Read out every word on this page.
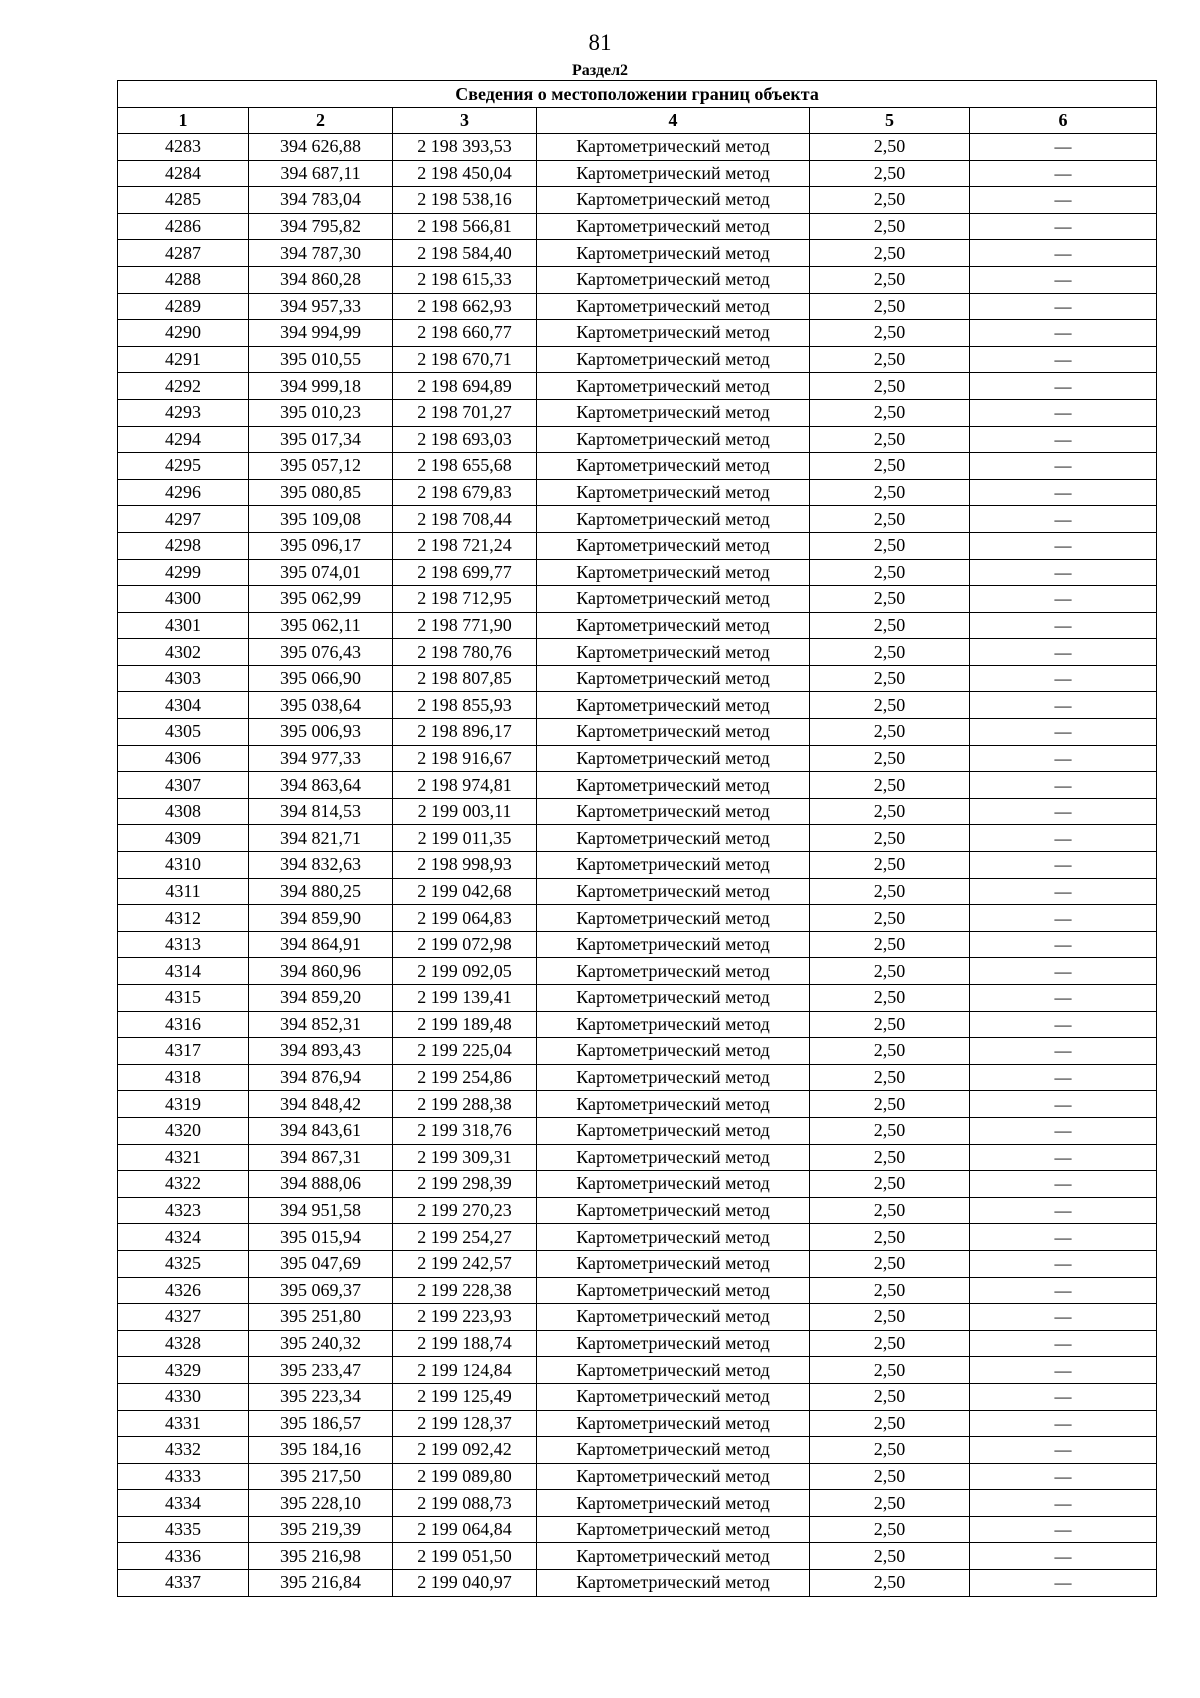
81
Раздел2
Сведения о местоположении границ объекта					
1	2	3	4	5	6
4283	394 626,88	2 198 393,53	Картометрический метод	2,50	—
4284	394 687,11	2 198 450,04	Картометрический метод	2,50	—
4285	394 783,04	2 198 538,16	Картометрический метод	2,50	—
4286	394 795,82	2 198 566,81	Картометрический метод	2,50	—
4287	394 787,30	2 198 584,40	Картометрический метод	2,50	—
4288	394 860,28	2 198 615,33	Картометрический метод	2,50	—
4289	394 957,33	2 198 662,93	Картометрический метод	2,50	—
4290	394 994,99	2 198 660,77	Картометрический метод	2,50	—
4291	395 010,55	2 198 670,71	Картометрический метод	2,50	—
4292	394 999,18	2 198 694,89	Картометрический метод	2,50	—
4293	395 010,23	2 198 701,27	Картометрический метод	2,50	—
4294	395 017,34	2 198 693,03	Картометрический метод	2,50	—
4295	395 057,12	2 198 655,68	Картометрический метод	2,50	—
4296	395 080,85	2 198 679,83	Картометрический метод	2,50	—
4297	395 109,08	2 198 708,44	Картометрический метод	2,50	—
4298	395 096,17	2 198 721,24	Картометрический метод	2,50	—
4299	395 074,01	2 198 699,77	Картометрический метод	2,50	—
4300	395 062,99	2 198 712,95	Картометрический метод	2,50	—
4301	395 062,11	2 198 771,90	Картометрический метод	2,50	—
4302	395 076,43	2 198 780,76	Картометрический метод	2,50	—
4303	395 066,90	2 198 807,85	Картометрический метод	2,50	—
4304	395 038,64	2 198 855,93	Картометрический метод	2,50	—
4305	395 006,93	2 198 896,17	Картометрический метод	2,50	—
4306	394 977,33	2 198 916,67	Картометрический метод	2,50	—
4307	394 863,64	2 198 974,81	Картометрический метод	2,50	—
4308	394 814,53	2 199 003,11	Картометрический метод	2,50	—
4309	394 821,71	2 199 011,35	Картометрический метод	2,50	—
4310	394 832,63	2 198 998,93	Картометрический метод	2,50	—
4311	394 880,25	2 199 042,68	Картометрический метод	2,50	—
4312	394 859,90	2 199 064,83	Картометрический метод	2,50	—
4313	394 864,91	2 199 072,98	Картометрический метод	2,50	—
4314	394 860,96	2 199 092,05	Картометрический метод	2,50	—
4315	394 859,20	2 199 139,41	Картометрический метод	2,50	—
4316	394 852,31	2 199 189,48	Картометрический метод	2,50	—
4317	394 893,43	2 199 225,04	Картометрический метод	2,50	—
4318	394 876,94	2 199 254,86	Картометрический метод	2,50	—
4319	394 848,42	2 199 288,38	Картометрический метод	2,50	—
4320	394 843,61	2 199 318,76	Картометрический метод	2,50	—
4321	394 867,31	2 199 309,31	Картометрический метод	2,50	—
4322	394 888,06	2 199 298,39	Картометрический метод	2,50	—
4323	394 951,58	2 199 270,23	Картометрический метод	2,50	—
4324	395 015,94	2 199 254,27	Картометрический метод	2,50	—
4325	395 047,69	2 199 242,57	Картометрический метод	2,50	—
4326	395 069,37	2 199 228,38	Картометрический метод	2,50	—
4327	395 251,80	2 199 223,93	Картометрический метод	2,50	—
4328	395 240,32	2 199 188,74	Картометрический метод	2,50	—
4329	395 233,47	2 199 124,84	Картометрический метод	2,50	—
4330	395 223,34	2 199 125,49	Картометрический метод	2,50	—
4331	395 186,57	2 199 128,37	Картометрический метод	2,50	—
4332	395 184,16	2 199 092,42	Картометрический метод	2,50	—
4333	395 217,50	2 199 089,80	Картометрический метод	2,50	—
4334	395 228,10	2 199 088,73	Картометрический метод	2,50	—
4335	395 219,39	2 199 064,84	Картометрический метод	2,50	—
4336	395 216,98	2 199 051,50	Картометрический метод	2,50	—
4337	395 216,84	2 199 040,97	Картометрический метод	2,50	—
